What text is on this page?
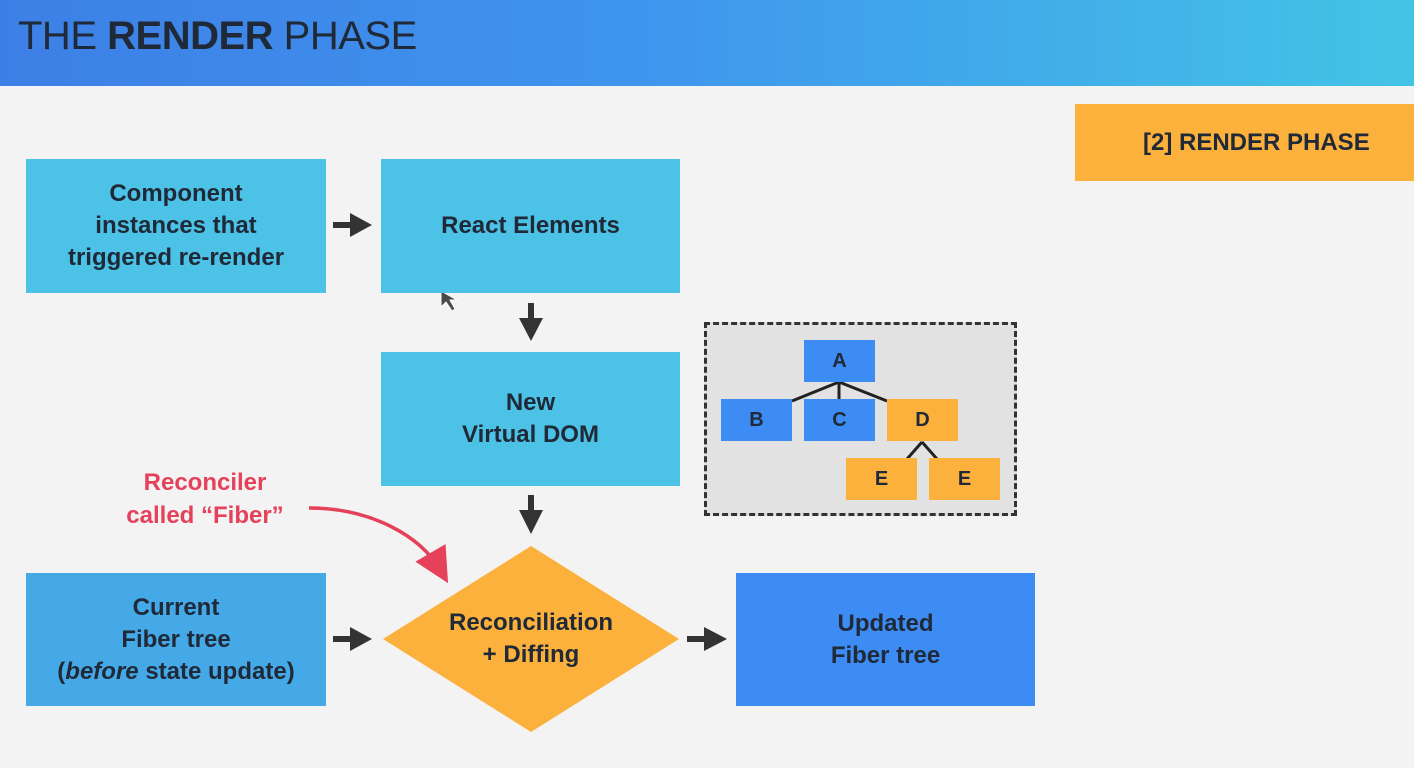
THE RENDER PHASE
[2] RENDER PHASE
Component
instances that
triggered re-render
React Elements
New
Virtual DOM
Current
Fiber tree
(before state update)
Reconciliation
+ Diffing
Updated
Fiber tree
Reconciler
called “Fiber”
A
B	C	D
E	E
